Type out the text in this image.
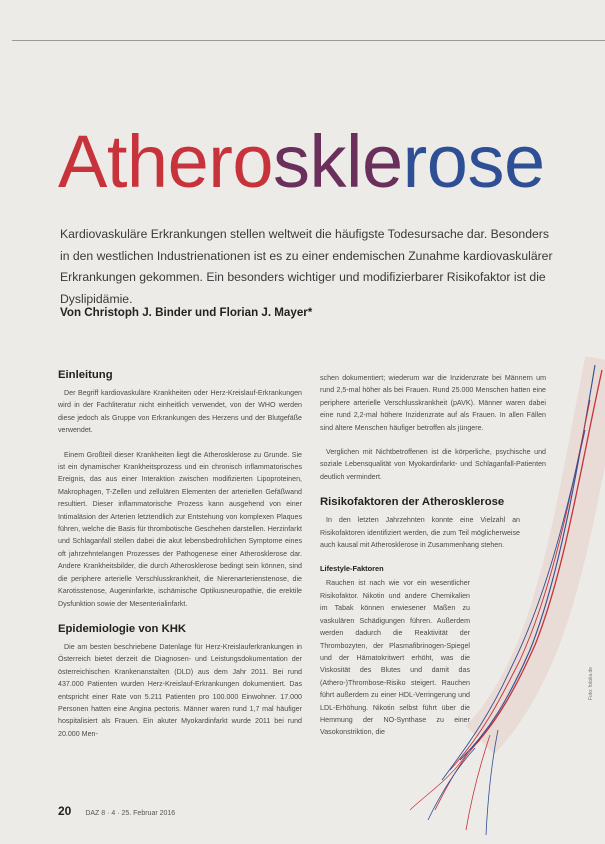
Atherosklerose
Kardiovaskuläre Erkrankungen stellen weltweit die häufigste Todesursache dar. Besonders in den westlichen Industrienationen ist es zu einer endemischen Zunahme kardiovaskulärer Erkrankungen gekommen. Ein besonders wichtiger und modifizierbarer Risikofaktor ist die Dyslipidämie.
Von Christoph J. Binder und Florian J. Mayer*
Einleitung

Der Begriff kardiovaskuläre Krankheiten oder Herz-Kreislauf-Erkrankungen wird in der Fachliteratur nicht einheitlich verwendet, von der WHO werden diese jedoch als Gruppe von Erkrankungen des Herzens und der Blutgefäße verwendet.

Einem Großteil dieser Krankheiten liegt die Atherosklerose zu Grunde. Sie ist ein dynamischer Krankheitsprozess und ein chronisch inflammatorisches Ereignis, das aus einer Interaktion zwischen modifizierten Lipoproteinen, Makrophagen, T-Zellen und zellulären Elementen der arteriellen Gefäßwand resultiert. Dieser inflammatorische Prozess kann ausgehend von einer Intimaläsion der Arterien letztendlich zur Entstehung von komplexen Plaques führen, welche die Basis für thrombotische Geschehen darstellen. Herzinfarkt und Schlaganfall stellen dabei die akut lebensbedrohlichen Symptome eines oft jahrzehntelangen Prozesses der Pathogenese einer Atherosklerose dar. Andere Krankheitsbilder, die durch Atherosklerose bedingt sein können, sind die periphere arterielle Verschlusskrankheit, die Nierenarterienstenose, die Karotisstenose, Augeninfarkte, ischämische Optikusneuropathie, die erektile Dysfunktion sowie der Mesenterialinfarkt.

Epidemiologie von KHK

Die am besten beschriebene Datenlage für Herz-Kreislauferkrankungen in Österreich bietet derzeit die Diagnosen- und Leistungsdokumentation der österreichischen Krankenanstalten (DLD) aus dem Jahr 2011. Bei rund 437.000 Patienten wurden Herz-Kreislauf-Erkrankungen dokumentiert. Das entspricht einer Rate von 5.211 Patienten pro 100.000 Einwohner. 17.000 Personen hatten eine Angina pectoris. Männer waren rund 1,7 mal häufiger hospitalisiert als Frauen. Ein akuter Myokardinfarkt wurde 2011 bei rund 20.000 Men-

schen dokumentiert; wiederum war die Inzidenzrate bei Männern um rund 2,5-mal höher als bei Frauen. Rund 25.000 Menschen hatten eine periphere arterielle Verschlusskrankheit (pAVK). Männer waren dabei eine rund 2,2-mal höhere Inzidenzrate auf als Frauen. In allen Fällen sind ältere Menschen häufiger betroffen als jüngere.

Verglichen mit Nichtbetroffenen ist die körperliche, psychische und soziale Lebensqualität von Myokardinfarkt- und Schlaganfall-Patienten deutlich vermindert.

Risikofaktoren der Atherosklerose

In den letzten Jahrzehnten konnte eine Vielzahl an Risikofaktoren identifiziert werden, die zum Teil möglicherweise auch kausal mit Atherosklerose in Zusammenhang stehen.

Lifestyle-Faktoren

Rauchen ist nach wie vor ein wesentlicher Risikofaktor. Nikotin und andere Chemikalien im Tabak können erwiesener Maßen zu vaskulären Schädigungen führen. Außerdem werden dadurch die Reaktivität der Thrombozyten, der Plasmafibrinogen-Spiegel und der Hämatokritwert erhöht, was die Viskosität des Blutes und damit das (Athero-)Thrombose-Risiko steigert. Rauchen führt außerdem zu einer HDL-Verringerung und LDL-Erhöhung. Nikotin selbst führt über die Hemmung der NO-Synthase zu einer Vasokonstriktion, die

Foto: fotolia.de
20 DAZ 8 · 4 · 25. Februar 2016
